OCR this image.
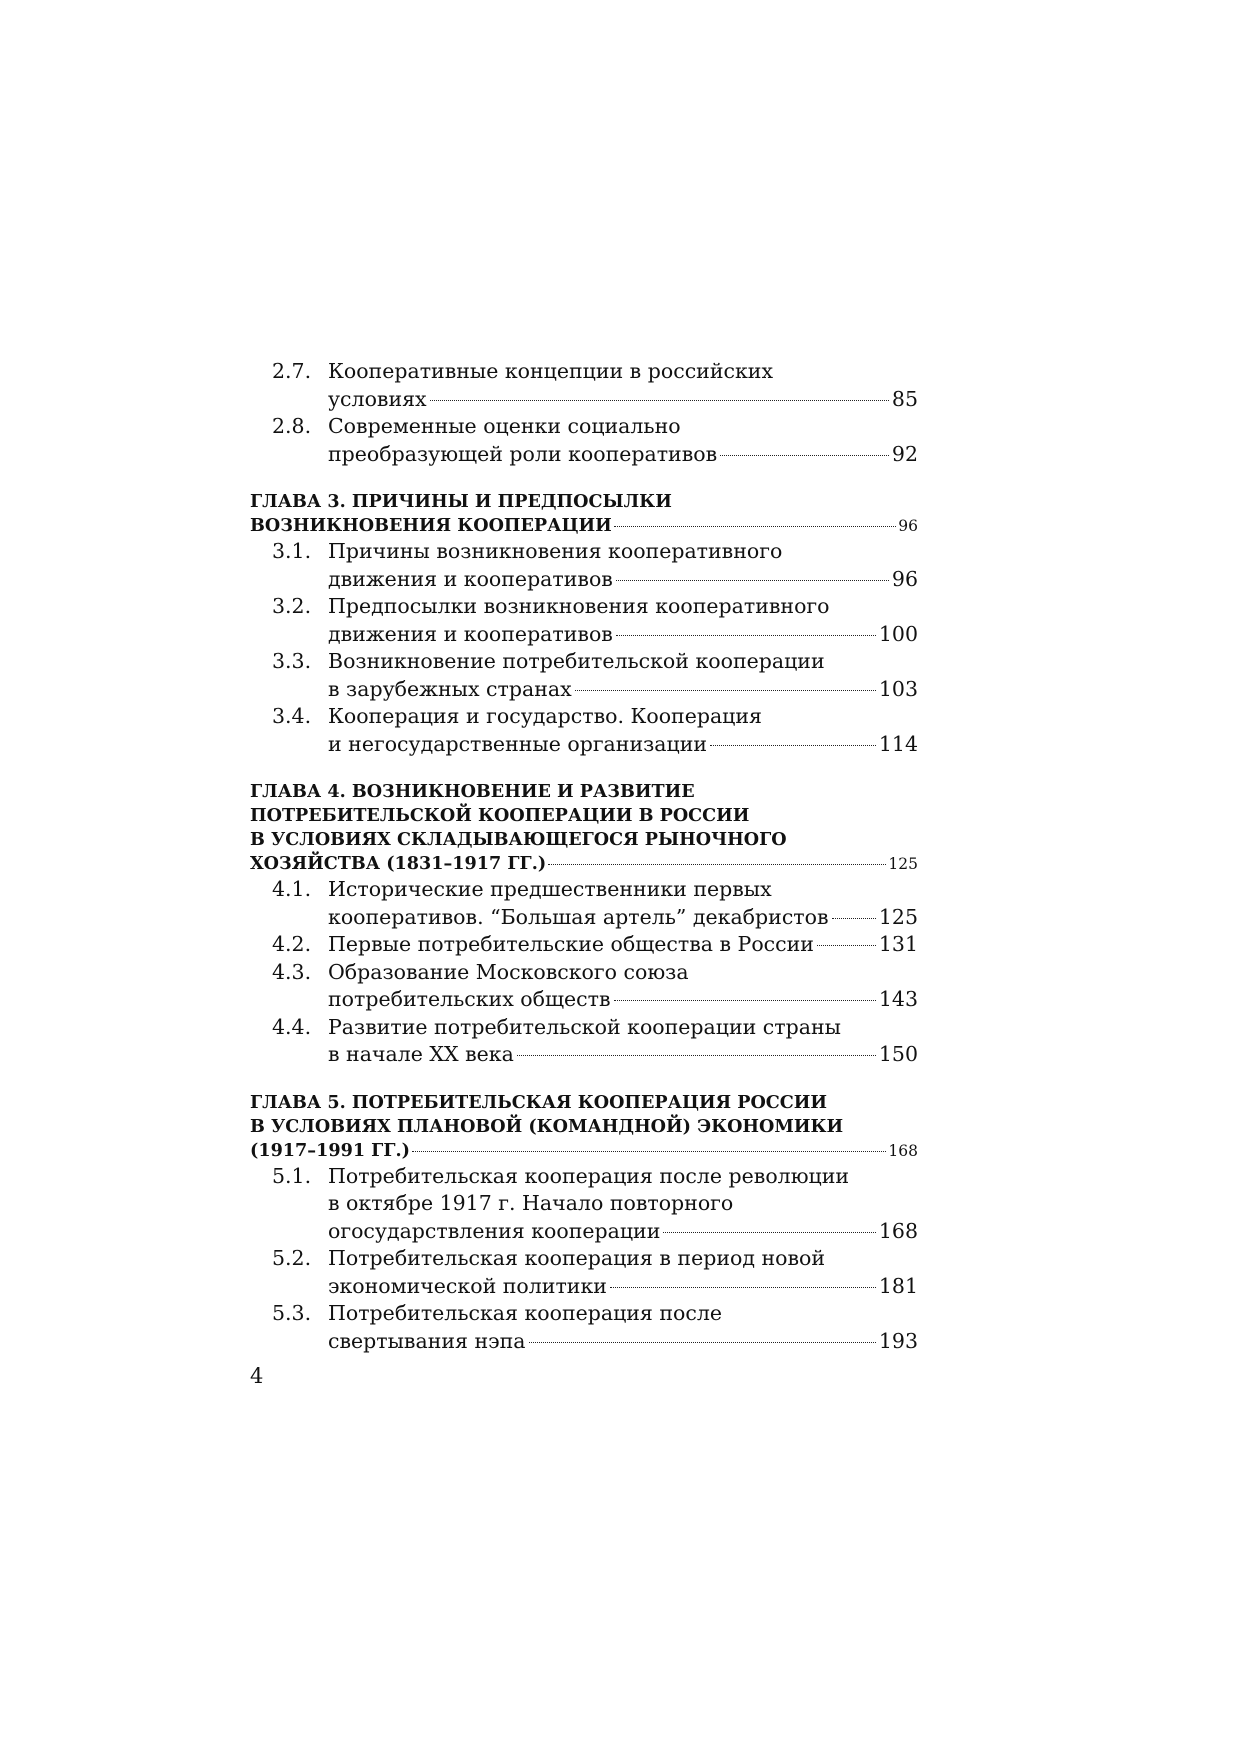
2.7. Кооперативные концепции в российских
условиях	85
2.8. Современные оценки социально
преобразующей роли кооперативов	92
ГЛАВА 3. ПРИЧИНЫ И ПРЕДПОСЫЛКИ
ВОЗНИКНОВЕНИЯ КООПЕРАЦИИ	96
3.1. Причины возникновения кооперативного
движения и кооперативов	96
3.2. Предпосылки возникновения кооперативного
движения и кооперативов	100
3.3. Возникновение потребительской кооперации
в зарубежных странах	103
3.4. Кооперация и государство. Кооперация
и негосударственные организации	114
ГЛАВА 4. ВОЗНИКНОВЕНИЕ И РАЗВИТИЕ
ПОТРЕБИТЕЛЬСКОЙ КООПЕРАЦИИ В РОССИИ
В УСЛОВИЯХ СКЛАДЫВАЮЩЕГОСЯ РЫНОЧНОГО
ХОЗЯЙСТВА (1831–1917 ГГ.)	125
4.1. Исторические предшественники первых
кооперативов. “Большая артель” декабристов 125
4.2. Первые потребительские общества в России	131
4.3. Образование Московского союза
потребительских обществ	143
4.4. Развитие потребительской кооперации страны
в начале XX века	150
ГЛАВА 5. ПОТРЕБИТЕЛЬСКАЯ КООПЕРАЦИЯ РОССИИ
В УСЛОВИЯХ ПЛАНОВОЙ (КОМАНДНОЙ) ЭКОНОМИКИ
(1917–1991 ГГ.)	168
5.1. Потребительская кооперация после революции
в октябре 1917 г. Начало повторного
огосударствления кооперации	168
5.2. Потребительская кооперация в период новой
экономической политики	181
5.3. Потребительская кооперация после
свертывания нэпа	193
4
